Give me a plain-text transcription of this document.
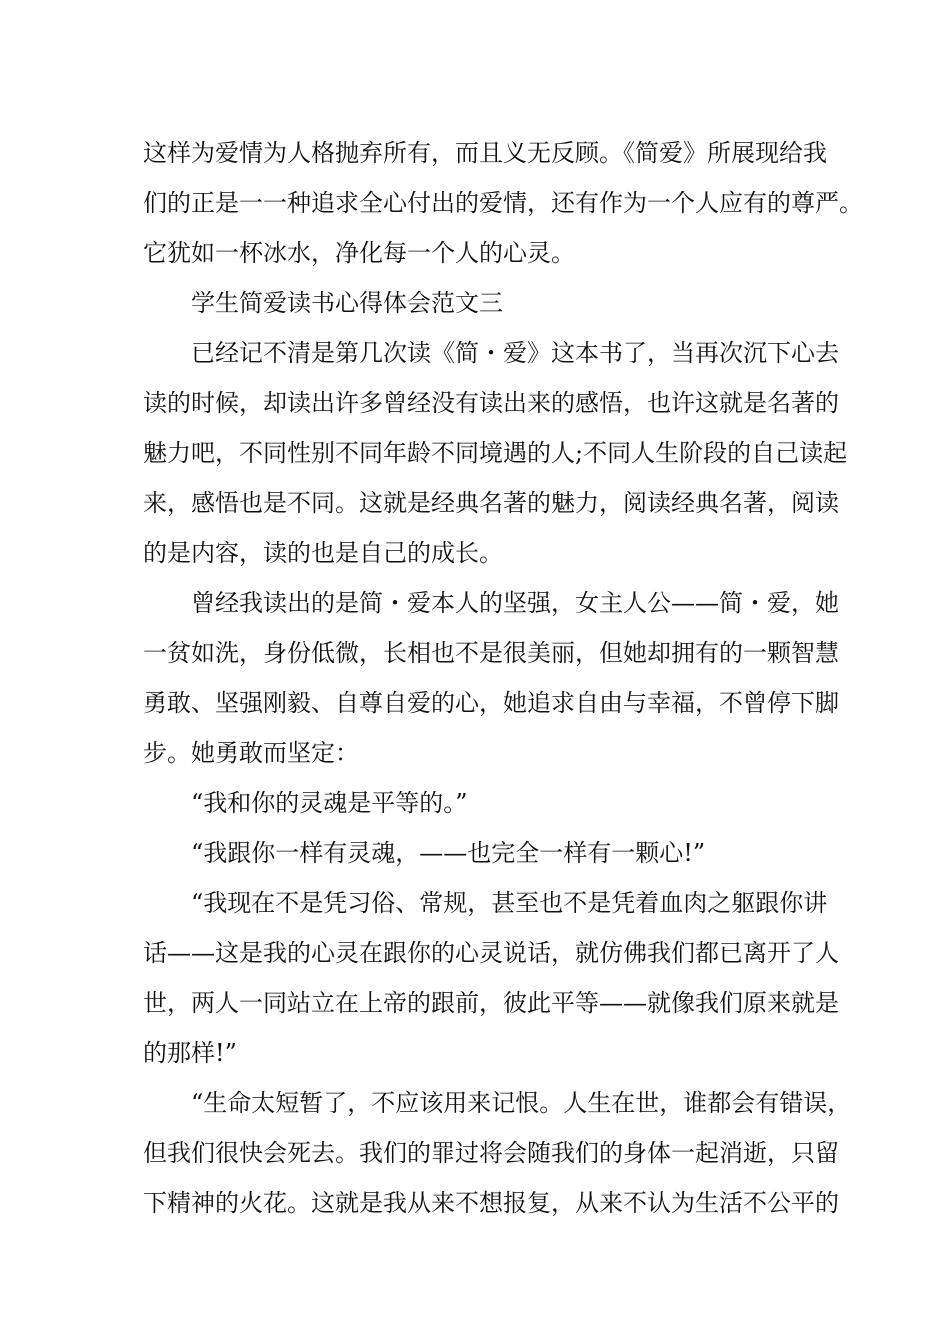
这样为爱情为人格抛弃所有，而且义无反顾。《简爱》所展现给我
们的正是一一种追求全心付出的爱情，还有作为一个人应有的尊严。
它犹如一杯冰水，净化每一个人的心灵。
学生简爱读书心得体会范文三
已经记不清是第几次读《简・爱》这本书了，当再次沉下心去
读的时候，却读出许多曾经没有读出来的感悟，也许这就是名著的
魅力吧，不同性别不同年龄不同境遇的人;不同人生阶段的自己读起
来，感悟也是不同。这就是经典名著的魅力，阅读经典名著，阅读
的是内容，读的也是自己的成长。
曾经我读出的是简・爱本人的坚强，女主人公——简・爱，她
一贫如洗，身份低微，长相也不是很美丽，但她却拥有的一颗智慧
勇敢、坚强刚毅、自尊自爱的心，她追求自由与幸福，不曾停下脚
步。她勇敢而坚定：
“我和你的灵魂是平等的。”
“我跟你一样有灵魂，——也完全一样有一颗心!”
“我现在不是凭习俗、常规，甚至也不是凭着血肉之躯跟你讲
话——这是我的心灵在跟你的心灵说话，就仿佛我们都已离开了人
世，两人一同站立在上帝的跟前，彼此平等——就像我们原来就是
的那样!”
“生命太短暂了，不应该用来记恨。人生在世，谁都会有错误，
但我们很快会死去。我们的罪过将会随我们的身体一起消逝，只留
下精神的火花。这就是我从来不想报复，从来不认为生活不公平的
